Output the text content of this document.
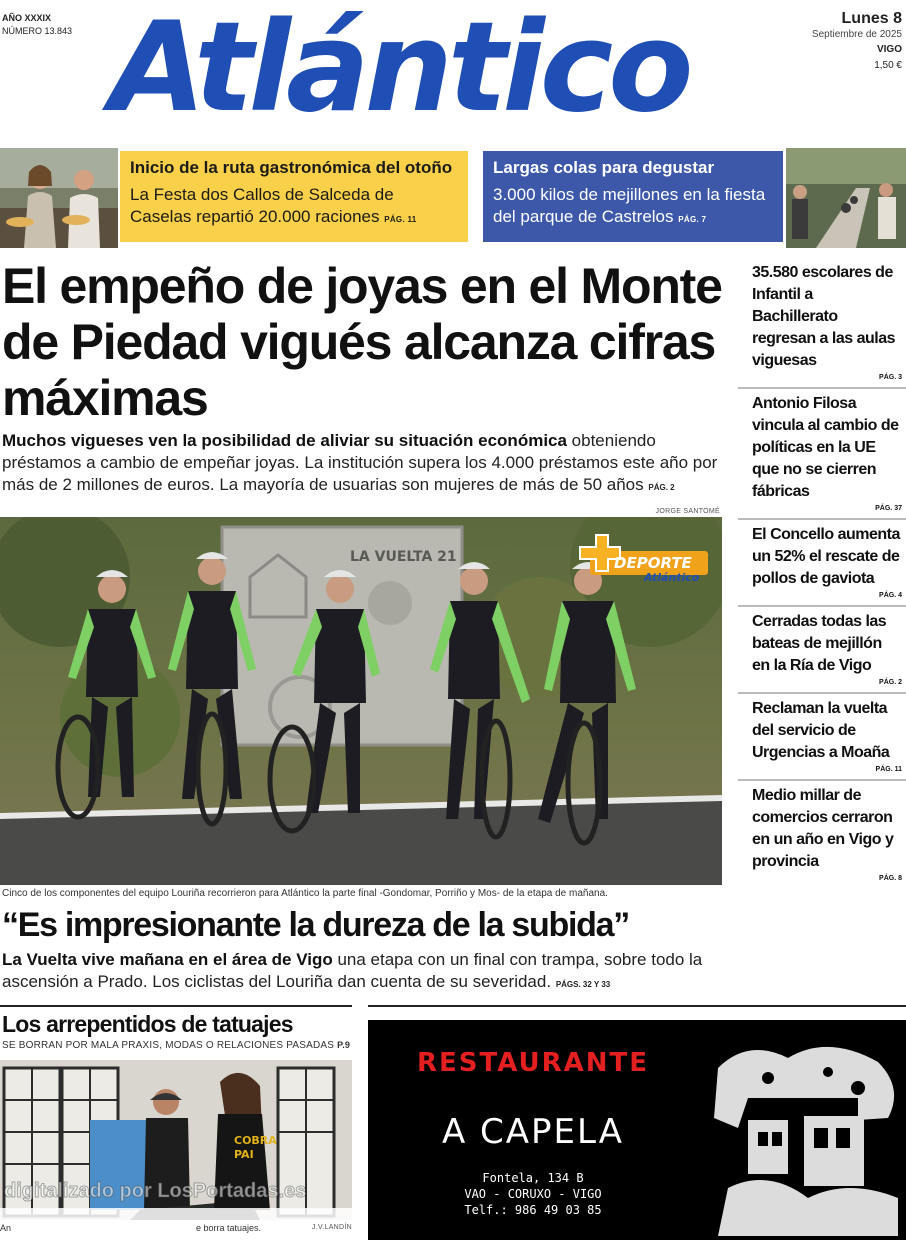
AÑO XXXIX
NÚMERO 13.843 Atlántico	Lunes 8
Septiembre de 2025
VIGO
1,50 €
Inicio de la ruta gastronómica del otoño
La Festa dos Callos de Salceda de Caselas repartió 20.000 raciones PÁG. 11
Largas colas para degustar
3.000 kilos de mejillones en la fiesta del parque de Castrelos PÁG. 7
El empeño de joyas en el Monte de Piedad vigués alcanza cifras máximas
Muchos vigueses ven la posibilidad de aliviar su situación económica obteniendo préstamos a cambio de empeñar joyas. La institución supera los 4.000 préstamos este año por más de 2 millones de euros. La mayoría de usuarias son mujeres de más de 50 años PÁG. 2
JORGE SANTOMÉ
LA VUELTA 21	DEPORTE
Atlántico
Cinco de los componentes del equipo Louriña recorrieron para Atlántico la parte final -Gondomar, Porriño y Mos- de la etapa de mañana.
“Es impresionante la dureza de la subida”
La Vuelta vive mañana en el área de Vigo una etapa con un final con trampa, sobre todo la ascensión a Prado. Los ciclistas del Louriña dan cuenta de su severidad. PÁGS. 32 Y 33
35.580 escolares de Infantil a Bachillerato regresan a las aulas viguesas
PÁG. 3
Antonio Filosa vincula al cambio de políticas en la UE que no se cierren fábricas
PÁG. 37
El Concello aumenta un 52% el rescate de pollos de gaviota
PÁG. 4
Cerradas todas las bateas de mejillón en la Ría de Vigo
PÁG. 2
Reclaman la vuelta del servicio de Urgencias a Moaña
PÁG. 11
Medio millar de comercios cerraron en un año en Vigo y provincia
PÁG. 8
Los arrepentidos de tatuajes
SE BORRAN POR MALA PRAXIS, MODAS O RELACIONES PASADAS P.9
COBRA
PAI
An	e borra tatuajes.	J.V.LANDÍN
digitalizado por LosPortadas.es
RESTAURANTE
A CAPELA
Fontela, 134 B
VAO - CORUXO - VIGO
Telf.: 986 49 03 85
